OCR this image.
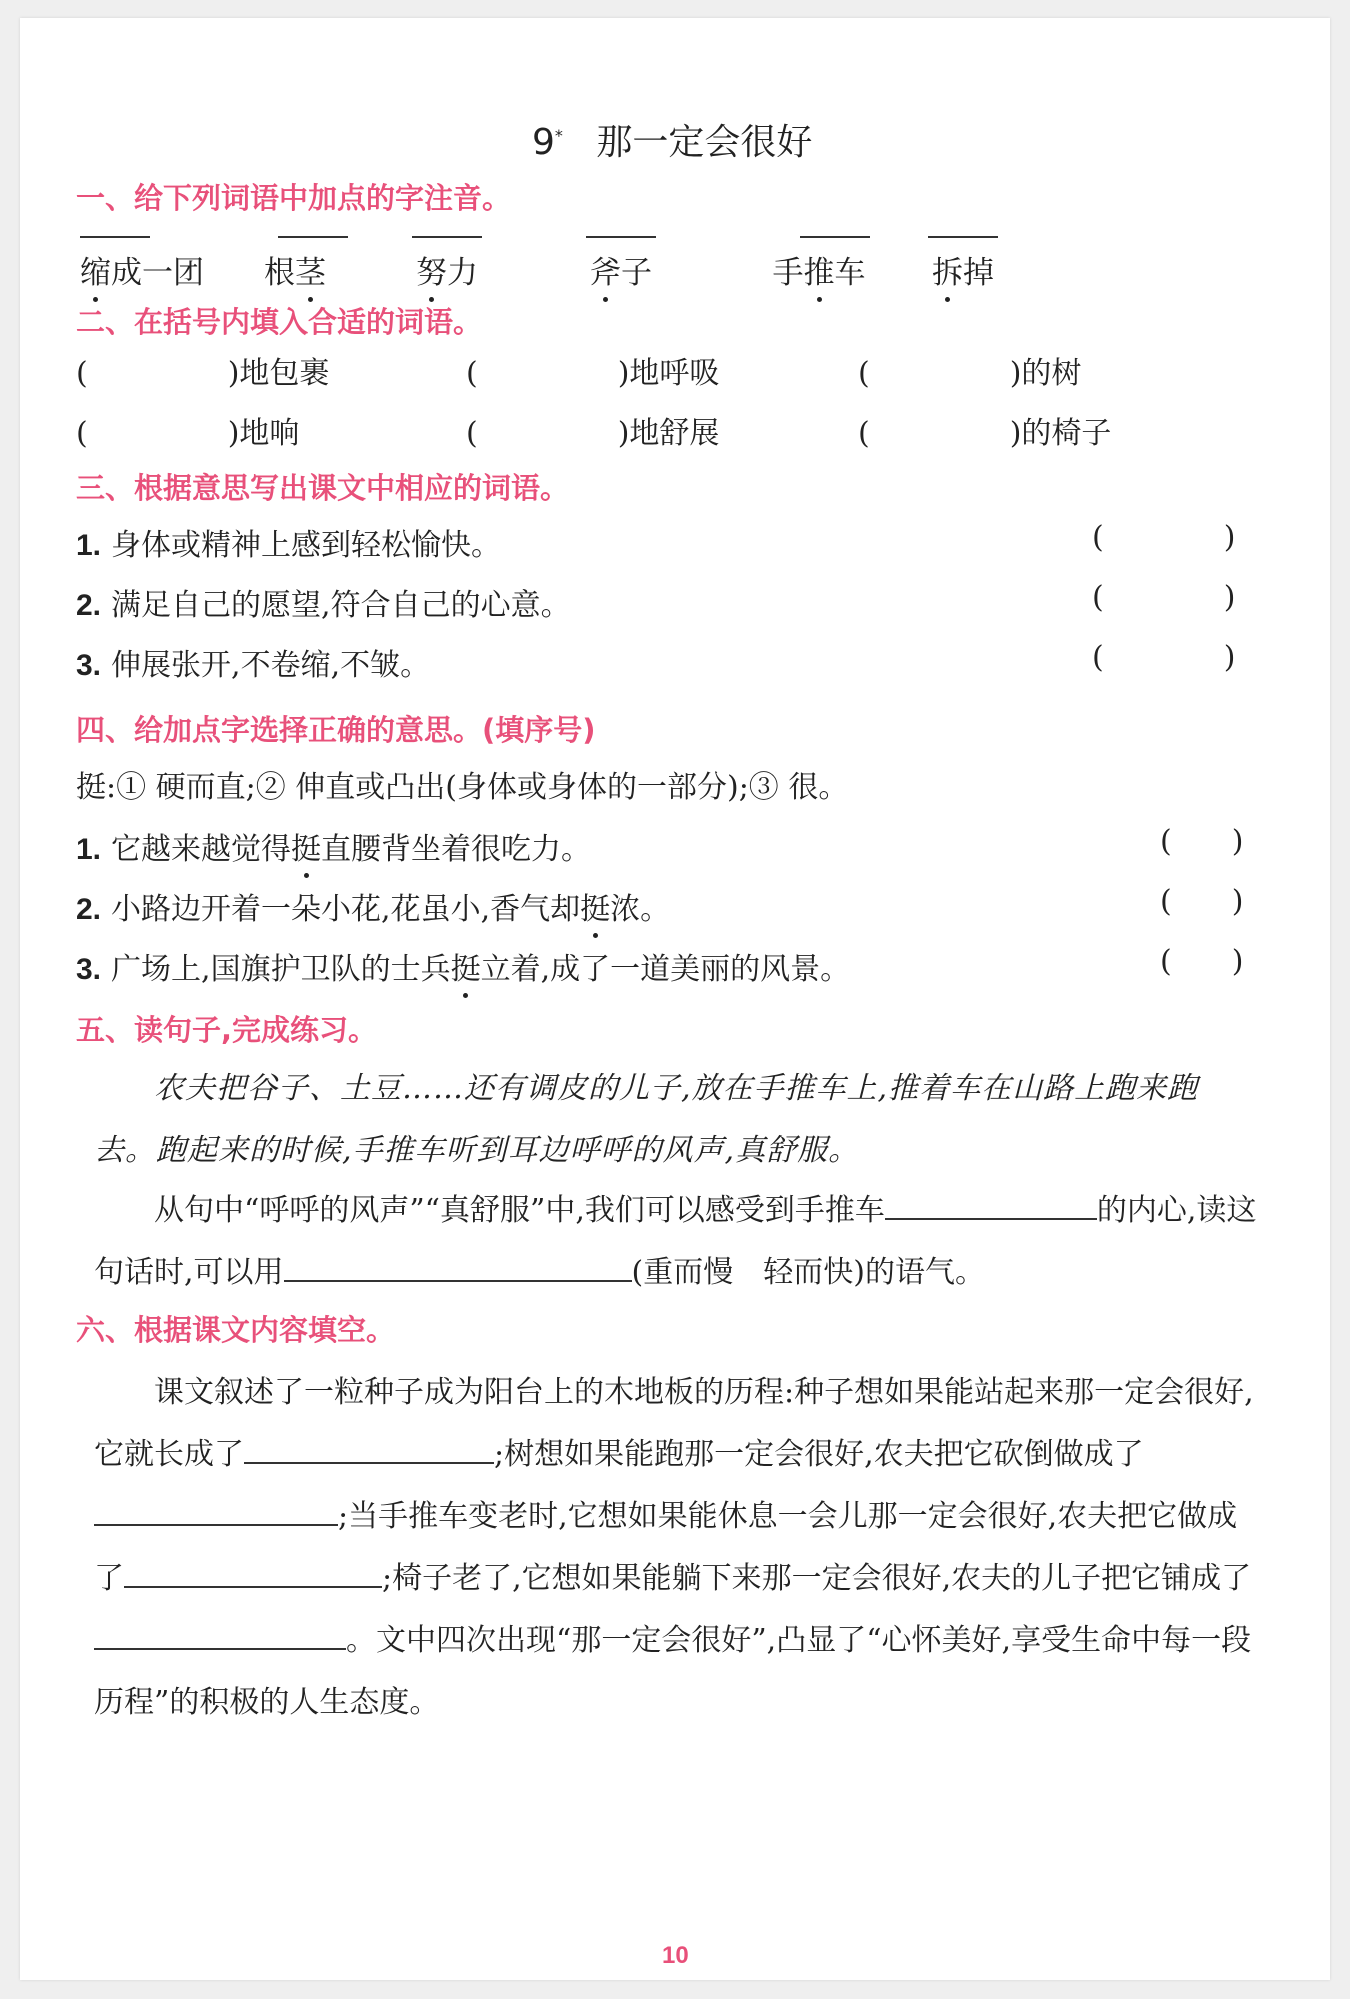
9* 那一定会很好
一、给下列词语中加点的字注音。
缩成一团	根茎	努力	斧子	手推车 拆掉
二、在括号内填入合适的词语。
(	)地包裹	(	)地呼吸	(	)的树
(	)地响	(	)地舒展	(	)的椅子
三、根据意思写出课文中相应的词语。
1. 身体或精神上感到轻松愉快。	(	)
2. 满足自己的愿望,符合自己的心意。	(	)
3. 伸展张开,不卷缩,不皱。	(	)
四、给加点字选择正确的意思。(填序号)
挺:① 硬而直;② 伸直或凸出(身体或身体的一部分);③ 很。
1. 它越来越觉得挺直腰背坐着很吃力。	( )
2. 小路边开着一朵小花,花虽小,香气却挺浓。	( )
3. 广场上,国旗护卫队的士兵挺立着,成了一道美丽的风景。	( )
五、读句子,完成练习。
农夫把谷子、土豆……还有调皮的儿子,放在手推车上,推着车在山路上跑来跑去。跑起来的时候,手推车听到耳边呼呼的风声,真舒服。
从句中“呼呼的风声”“真舒服”中,我们可以感受到手推车	的内心,读这句话时,可以用	(重而慢　轻而快)的语气。
六、根据课文内容填空。
课文叙述了一粒种子成为阳台上的木地板的历程:种子想如果能站起来那一定会很好,它就长成了	;树想如果能跑那一定会很好,农夫把它砍倒做成了;当手推车变老时,它想如果能休息一会儿那一定会很好,农夫把它做成了	;椅子老了,它想如果能躺下来那一定会很好,农夫的儿子把它铺成了。文中四次出现“那一定会很好”,凸显了“心怀美好,享受生命中每一段历程”的积极的人生态度。
10
